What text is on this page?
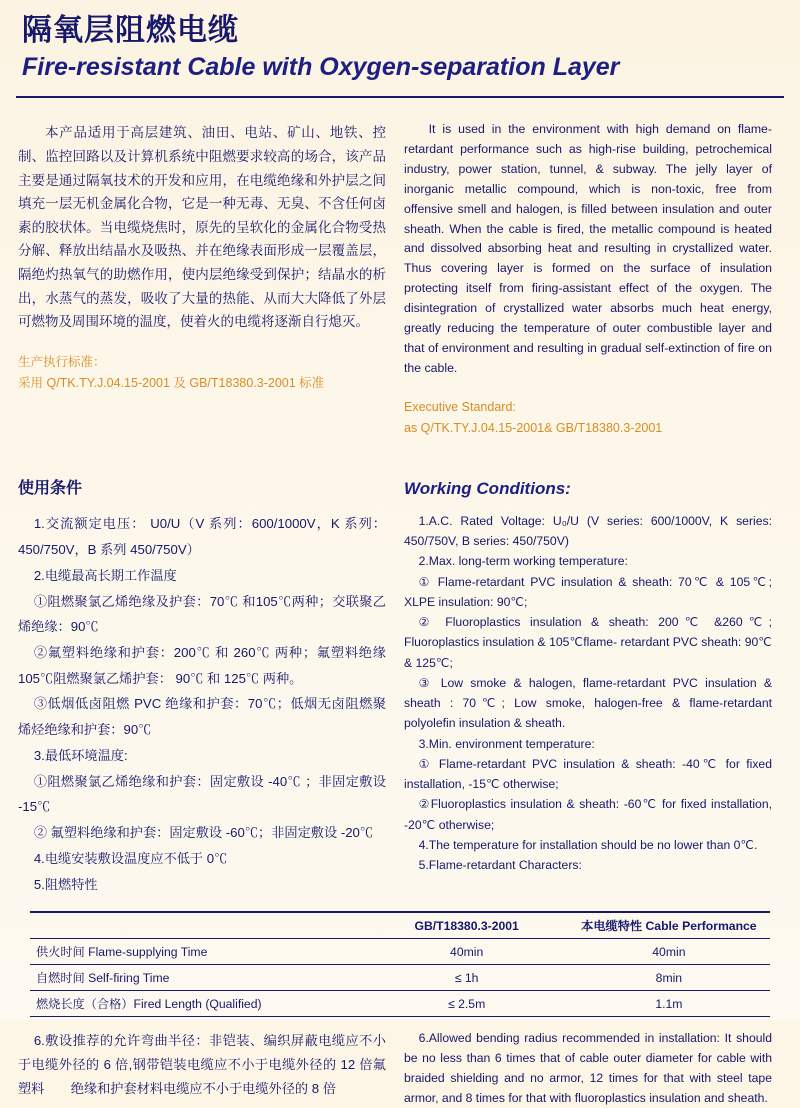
隔氧层阻燃电缆
Fire-resistant Cable with Oxygen-separation Layer

本产品适用于高层建筑、油田、电站、矿山、地铁、控制、监控回路以及计算机系统中阻燃要求较高的场合，该产品主要是通过隔氧技术的开发和应用，在电缆绝缘和外护层之间填充一层无机金属化合物，它是一种无毒、无臭、不含任何卤素的胶状体。当电缆烧焦时，原先的呈软化的金属化合物受热分解、释放出结晶水及吸热、并在绝缘表面形成一层覆盖层，隔绝灼热氧气的助燃作用，使内层绝缘受到保护；结晶水的析出，水蒸气的蒸发，吸收了大量的热能、从而大大降低了外层可燃物及周围环境的温度，使着火的电缆将逐渐自行熄灭。

生产执行标准：
采用 Q/TK.TY.J.04.15-2001 及 GB/T18380.3-2001 标准

It is used in the environment with high demand on flame-retardant performance such as high-rise building, petrochemical industry, power station, tunnel, & subway. The jelly layer of inorganic metallic compound, which is non-toxic, free from offensive smell and halogen, is filled between insulation and outer sheath. When the cable is fired, the metallic compound is heated and dissolved absorbing heat and resulting in crystallized water. Thus covering layer is formed on the surface of insulation protecting itself from firing-assistant effect of the oxygen. The disintegration of crystallized water absorbs much heat energy, greatly reducing the temperature of outer combustible layer and that of environment and resulting in gradual self-extinction of fire on the cable.

Executive Standard:
as Q/TK.TY.J.04.15-2001& GB/T18380.3-2001
使用条件
1.交流额定电压： U0/U（V 系列：600/1000V，K 系列：450/750V，B 系列 450/750V）
2.电缆最高长期工作温度
①阻燃聚氯乙烯绝缘及护套：70℃ 和105℃两种；交联聚乙烯绝缘：90℃
②氟塑料绝缘和护套：200℃ 和 260℃ 两种；氟塑料绝缘 105℃阻燃聚氯乙烯护套： 90℃ 和 125℃ 两种。
③低烟低卤阻燃 PVC 绝缘和护套：70℃；低烟无卤阻燃聚烯烃绝缘和护套：90℃
3.最低环境温度:
①阻燃聚氯乙烯绝缘和护套：固定敷设 -40℃ ；非固定敷设 -15℃
② 氟塑料绝缘和护套：固定敷设 -60℃；非固定敷设 -20℃
4.电缆安装敷设温度应不低于 0℃
5.阻燃特性
Working Conditions:
1.A.C. Rated Voltage: U₀/U (V series: 600/1000V, K series: 450/750V, B series: 450/750V)
2.Max. long-term working temperature:
① Flame-retardant PVC insulation & sheath: 70℃ & 105℃; XLPE insulation: 90℃;
② Fluoroplastics insulation & sheath: 200℃ &260℃; Fluoroplastics insulation & 105℃flame- retardant PVC sheath: 90℃ & 125℃;
③ Low smoke & halogen, flame-retardant PVC insulation & sheath : 70℃; Low smoke, halogen-free & flame-retardant polyolefin insulation & sheath.
3.Min. environment temperature:
① Flame-retardant PVC insulation & sheath: -40℃ for fixed installation, -15℃ otherwise;
②Fluoroplastics insulation & sheath: -60℃ for fixed installation, -20℃ otherwise;
4.The temperature for installation should be no lower than 0℃.
5.Flame-retardant Characters:
	GB/T18380.3-2001	本电缆特性 Cable Performance
供火时间 Flame-supplying Time	40min	40min
自燃时间 Self-firing Time	≤ 1h	8min
燃烧长度（合格）Fired Length (Qualified)	≤ 2.5m	1.1m
6.敷设推荐的允许弯曲半径：非铠装、编织屏蔽电缆应不小于电缆外径的 6 倍,钢带铠装电缆应不小于电缆外径的 12 倍氟塑料　　绝缘和护套材料电缆应不小于电缆外径的 8 倍
6.Allowed bending radius recommended in installation: It should be no less than 6 times that of cable outer diameter for cable with braided shielding and no armor, 12 times for that with steel tape armor, and 8 times for that with fluoroplastics insulation and sheath.
